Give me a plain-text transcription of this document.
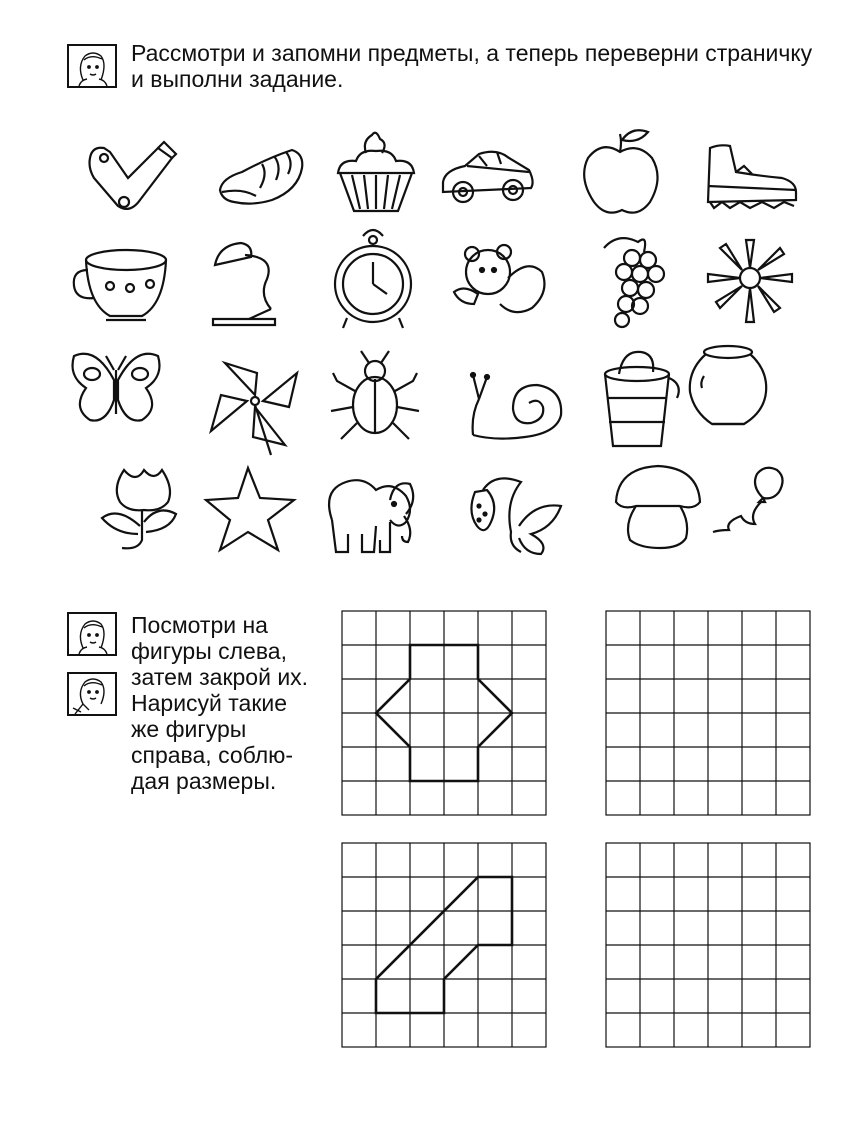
Рассмотри и запомни предметы, а теперь переверни страничку и выполни задание.
Посмотри на
фигуры слева,
затем закрой их.
Нарисуй такие
же фигуры
справа, соблю-
дая размеры.
